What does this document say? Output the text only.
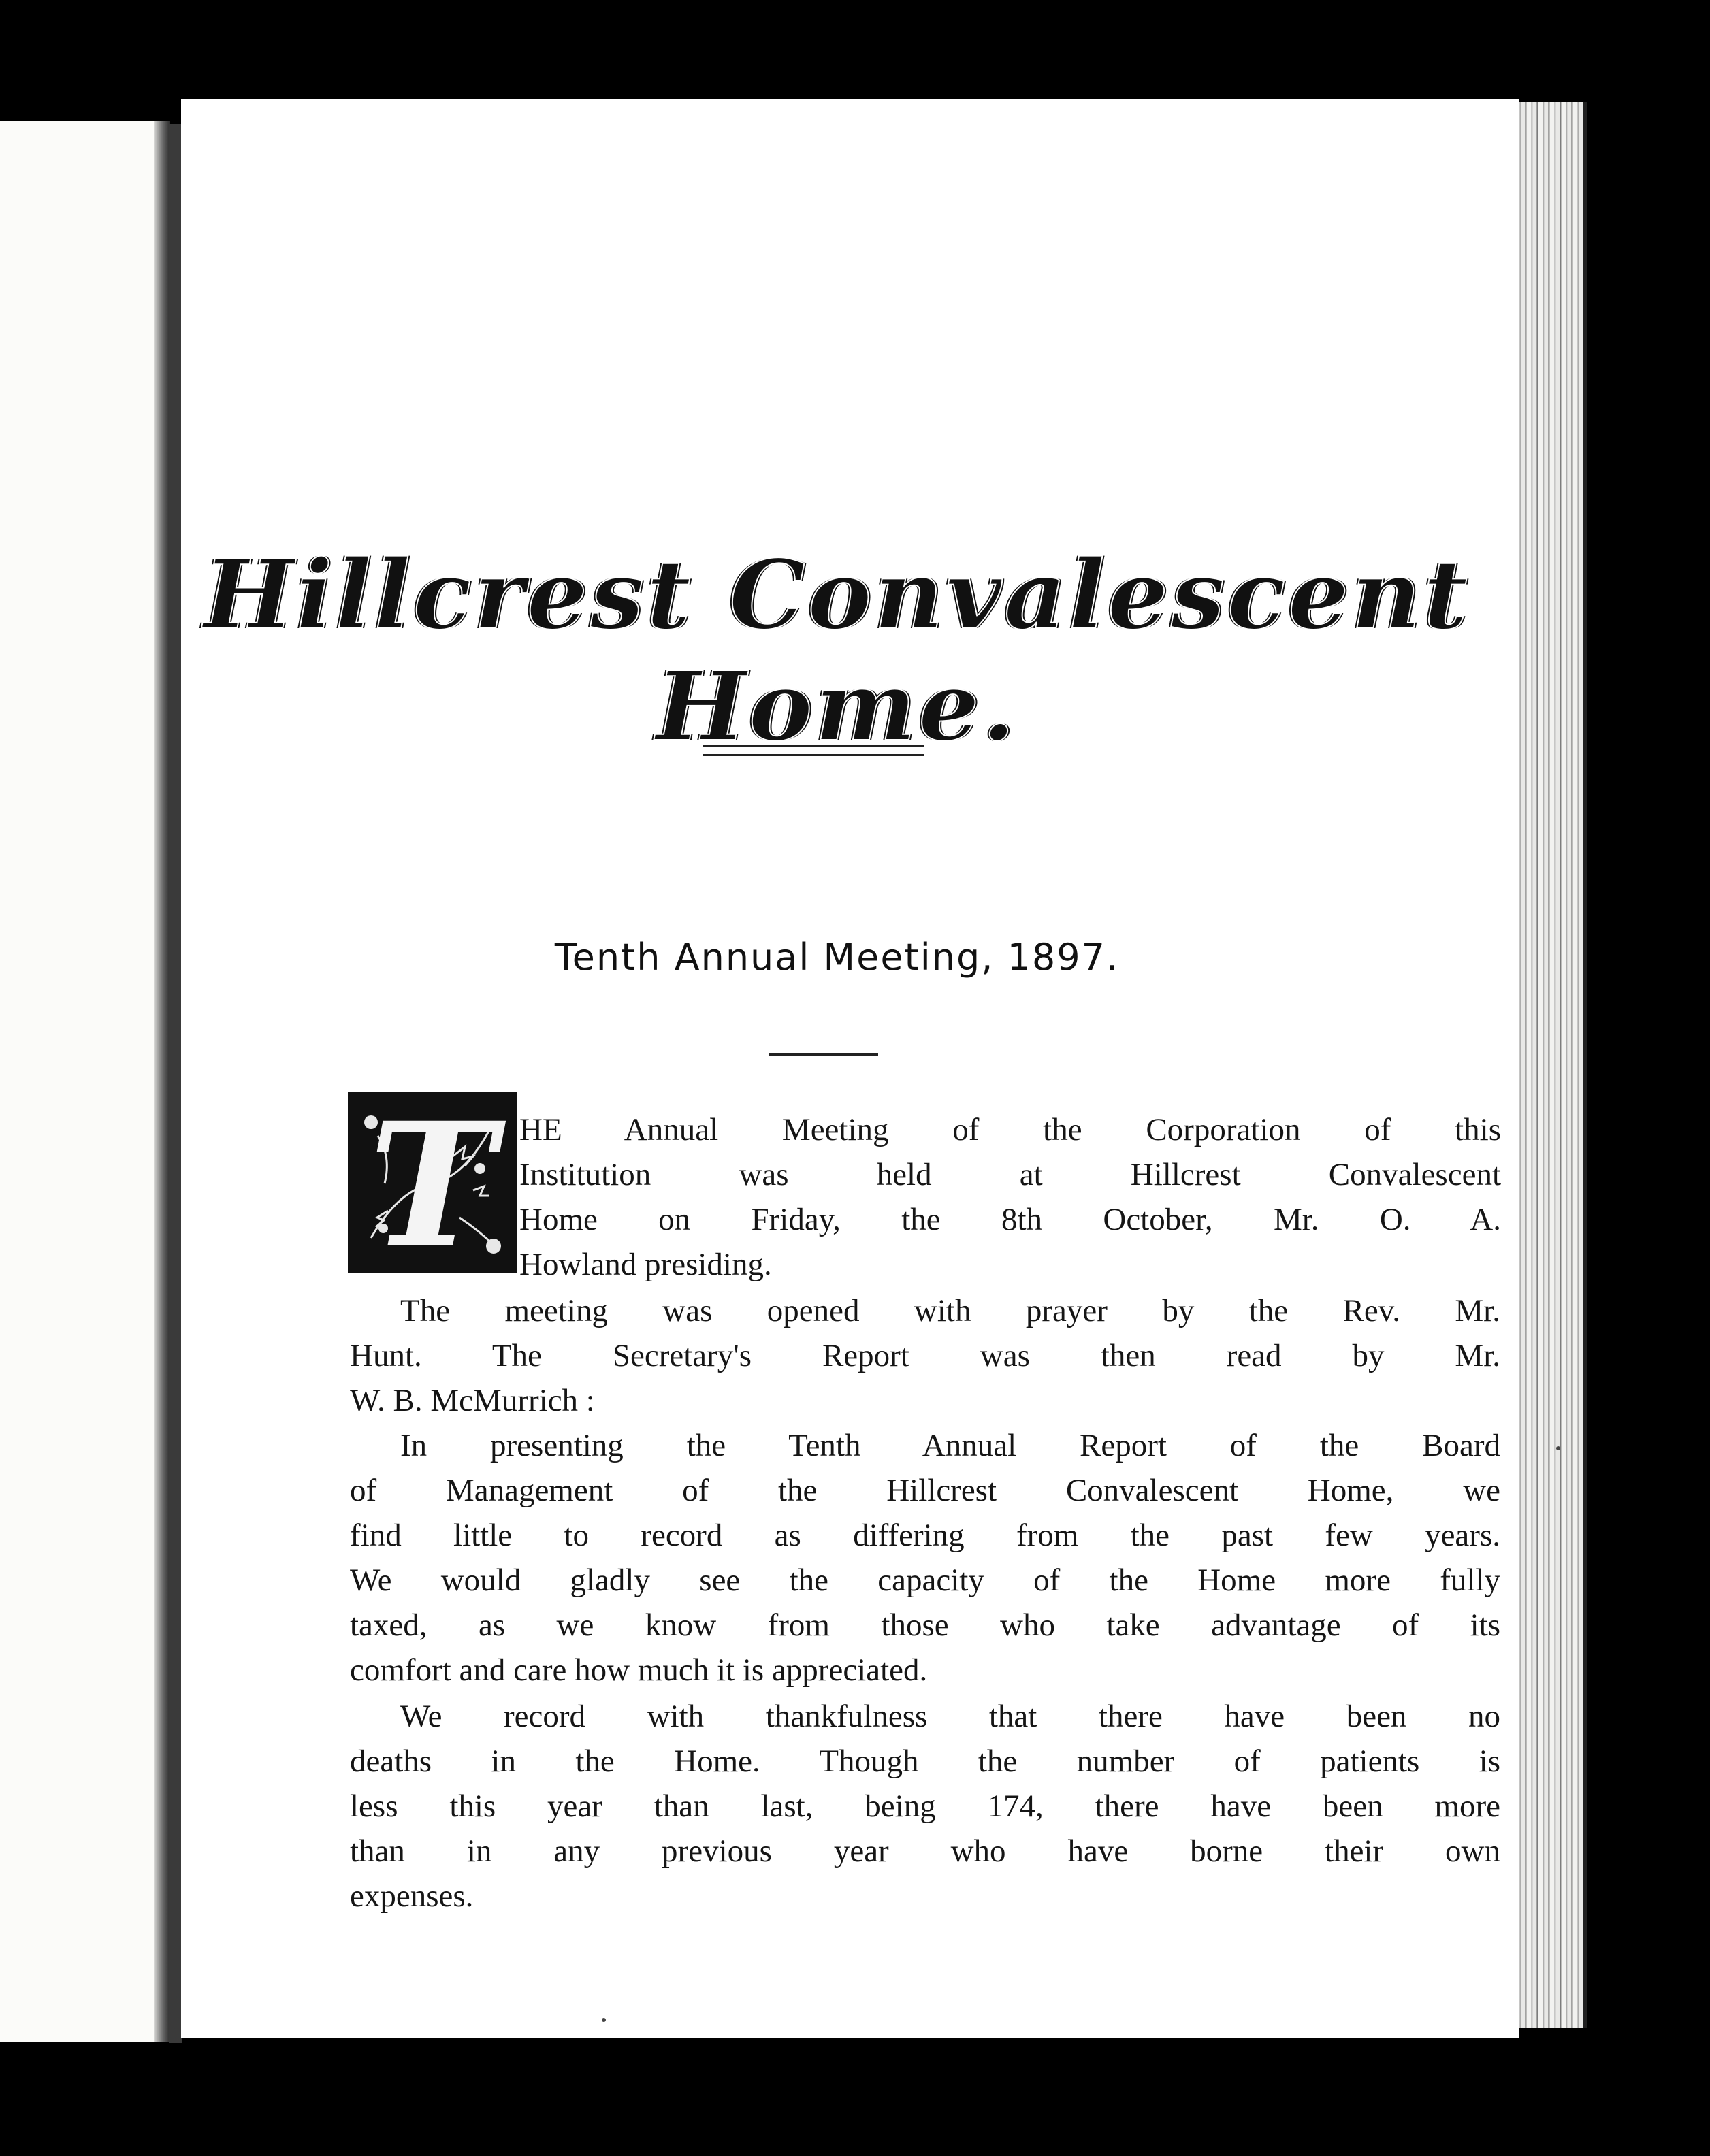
Hillcrest Convalescent Home.
Tenth Annual Meeting, 1897.
T HE Annual Meeting of the Corporation of this
Institution was held at Hillcrest Convalescent
Home on Friday, the 8th October, Mr. O. A.
Howland presiding.
The meeting was opened with prayer by the Rev. Mr.
Hunt. The Secretary's Report was then read by Mr.
W. B. McMurrich :
In presenting the Tenth Annual Report of the Board
of Management of the Hillcrest Convalescent Home, we
find little to record as differing from the past few years.
We would gladly see the capacity of the Home more fully
taxed, as we know from those who take advantage of its
comfort and care how much it is appreciated.
We record with thankfulness that there have been no
deaths in the Home. Though the number of patients is
less this year than last, being 174, there have been more
than in any previous year who have borne their own
expenses.
